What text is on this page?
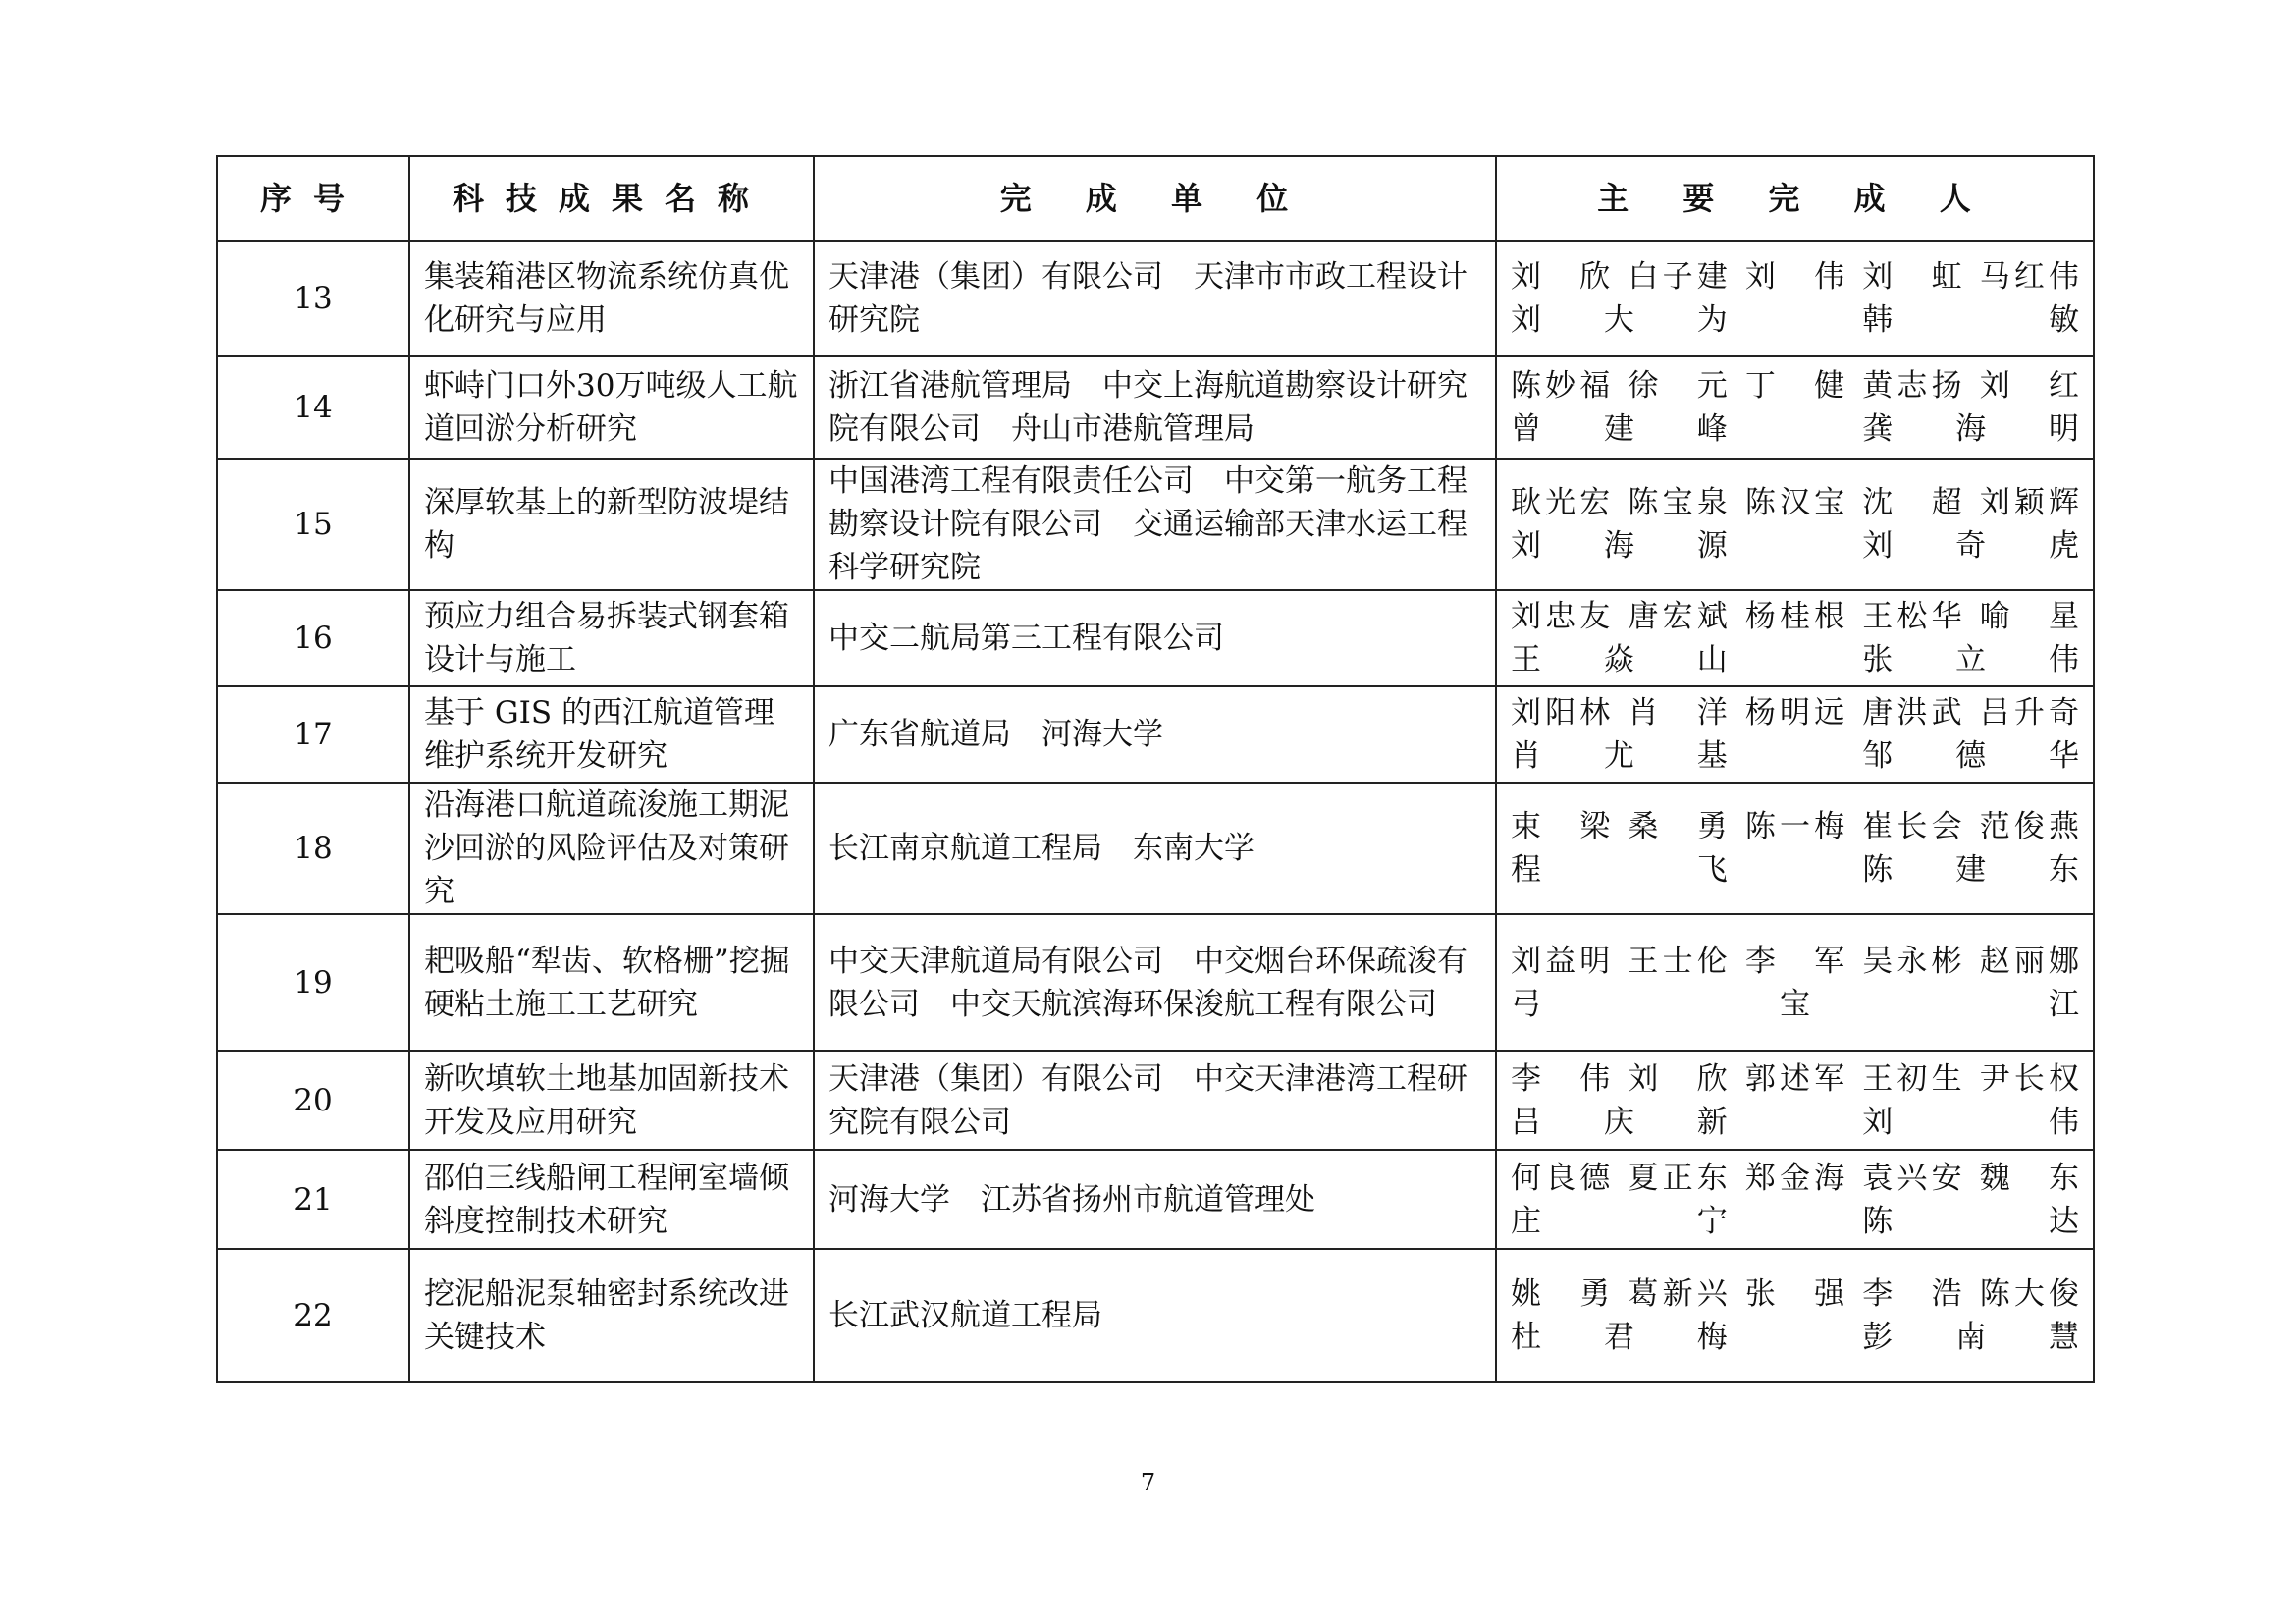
序号	科技成果名称	完 成 单 位	主 要 完 成 人
13	集装箱港区物流系统仿真优化研究与应用	天津港（集团）有限公司　天津市市政工程设计研究院	刘　欣 白子建 刘　伟 刘　虹 马红伟
刘大为 韩　敏

14	虾峙门口外30万吨级人工航道回淤分析研究	浙江省港航管理局　中交上海航道勘察设计研究院有限公司　舟山市港航管理局	陈妙福 徐　元 丁　健 黄志扬 刘　红
曾建峰 龚海明

15	深厚软基上的新型防波堤结构	中国港湾工程有限责任公司　中交第一航务工程勘察设计院有限公司　交通运输部天津水运工程科学研究院	耿光宏 陈宝泉 陈汉宝 沈　超 刘颖辉
刘海源 刘奇虎

16	预应力组合易拆装式钢套箱设计与施工	中交二航局第三工程有限公司	刘忠友 唐宏斌 杨桂根 王松华 喻　星
王焱山 张立伟

17	基于 GIS 的西江航道管理维护系统开发研究	广东省航道局　河海大学	刘阳林 肖　洋 杨明远 唐洪武 吕升奇
肖尤基 邹德华

18	沿海港口航道疏浚施工期泥沙回淤的风险评估及对策研究	长江南京航道工程局　东南大学	束　梁 桑　勇 陈一梅 崔长会 范俊燕
程　飞 陈建东

19	耙吸船“犁齿、软格栅”挖掘硬粘土施工工艺研究	中交天津航道局有限公司　中交烟台环保疏浚有限公司　中交天航滨海环保浚航工程有限公司	刘益明 王士伦 李　军 吴永彬 赵丽娜
弓宝江

20	新吹填软土地基加固新技术开发及应用研究	天津港（集团）有限公司　中交天津港湾工程研究院有限公司	李　伟 刘　欣 郭述军 王初生 尹长权
吕庆新 刘　伟

21	邵伯三线船闸工程闸室墙倾斜度控制技术研究	河海大学　江苏省扬州市航道管理处	何良德 夏正东 郑金海 袁兴安 魏　东
庄　宁 陈　达

22	挖泥船泥泵轴密封系统改进关键技术	长江武汉航道工程局	姚　勇 葛新兴 张　强 李　浩 陈大俊
杜君梅 彭南慧
7
